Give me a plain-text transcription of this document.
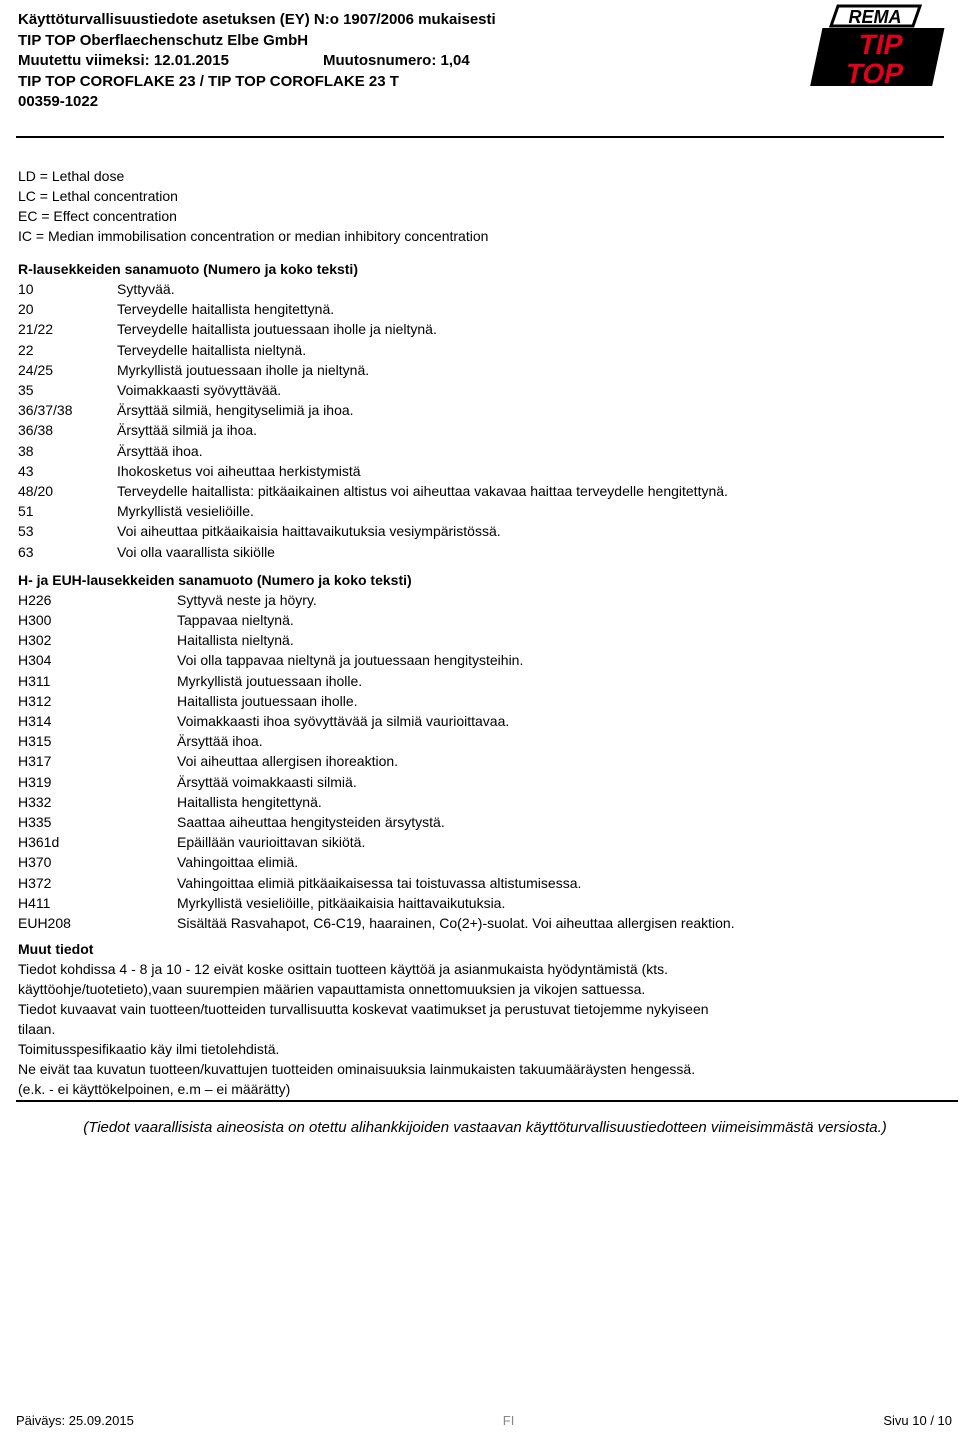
Käyttöturvallisuustiedote asetuksen (EY) N:o 1907/2006 mukaisesti
TIP TOP Oberflaechenschutz Elbe GmbH
Muutettu viimeksi: 12.01.2015	Muutosnumero: 1,04
TIP TOP COROFLAKE 23 / TIP TOP COROFLAKE 23 T
00359-1022
REMA
TIP
TOP
LD = Lethal dose
LC = Lethal concentration
EC = Effect concentration
IC = Median immobilisation concentration or median inhibitory concentration
R-lausekkeiden sanamuoto (Numero ja koko teksti)
10	Syttyvää.
20	Terveydelle haitallista hengitettynä.
21/22	Terveydelle haitallista joutuessaan iholle ja nieltynä.
22	Terveydelle haitallista nieltynä.
24/25	Myrkyllistä joutuessaan iholle ja nieltynä.
35	Voimakkaasti syövyttävää.
36/37/38	Ärsyttää silmiä, hengityselimiä ja ihoa.
36/38	Ärsyttää silmiä ja ihoa.
38	Ärsyttää ihoa.
43	Ihokosketus voi aiheuttaa herkistymistä
48/20	Terveydelle haitallista: pitkäaikainen altistus voi aiheuttaa vakavaa haittaa terveydelle hengitettynä.
51	Myrkyllistä vesieliöille.
53	Voi aiheuttaa pitkäaikaisia haittavaikutuksia vesiympäristössä.
63	Voi olla vaarallista sikiölle
H- ja EUH-lausekkeiden sanamuoto (Numero ja koko teksti)
H226	Syttyvä neste ja höyry.
H300	Tappavaa nieltynä.
H302	Haitallista nieltynä.
H304	Voi olla tappavaa nieltynä ja joutuessaan hengitysteihin.
H311	Myrkyllistä joutuessaan iholle.
H312	Haitallista joutuessaan iholle.
H314	Voimakkaasti ihoa syövyttävää ja silmiä vaurioittavaa.
H315	Ärsyttää ihoa.
H317	Voi aiheuttaa allergisen ihoreaktion.
H319	Ärsyttää voimakkaasti silmiä.
H332	Haitallista hengitettynä.
H335	Saattaa aiheuttaa hengitysteiden ärsytystä.
H361d	Epäillään vaurioittavan sikiötä.
H370	Vahingoittaa elimiä.
H372	Vahingoittaa elimiä pitkäaikaisessa tai toistuvassa altistumisessa.
H411	Myrkyllistä vesieliöille, pitkäaikaisia haittavaikutuksia.
EUH208	Sisältää Rasvahapot, C6-C19, haarainen, Co(2+)-suolat. Voi aiheuttaa allergisen reaktion.
Muut tiedot
Tiedot kohdissa 4 - 8 ja 10 - 12 eivät koske osittain tuotteen käyttöä ja asianmukaista hyödyntämistä (kts.
käyttöohje/tuotetieto),vaan suurempien määrien vapauttamista onnettomuuksien ja vikojen sattuessa.
Tiedot kuvaavat vain tuotteen/tuotteiden turvallisuutta koskevat vaatimukset ja perustuvat tietojemme nykyiseen
tilaan.
Toimitusspesifikaatio käy ilmi tietolehdistä.
Ne eivät taa kuvatun tuotteen/kuvattujen tuotteiden ominaisuuksia lainmukaisten takuumääräysten hengessä.
(e.k. - ei käyttökelpoinen, e.m – ei määrätty)
(Tiedot vaarallisista aineosista on otettu alihankkijoiden vastaavan käyttöturvallisuustiedotteen viimeisimmästä versiosta.)
Päiväys: 25.09.2015	FI	Sivu 10 / 10
